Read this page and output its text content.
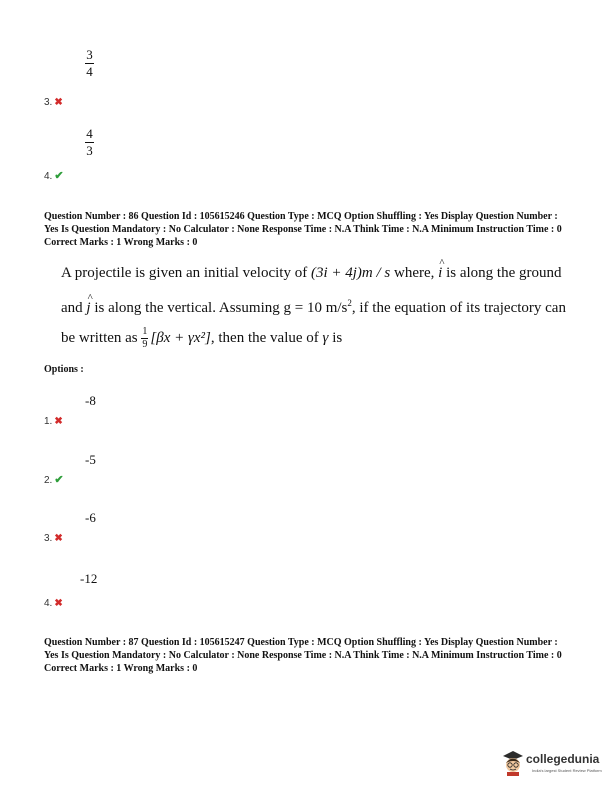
3
4
3. ✖
4
3
4. ✔
Question Number : 86 Question Id : 105615246 Question Type : MCQ Option Shuffling : Yes Display Question Number :
Yes Is Question Mandatory : No Calculator : None Response Time : N.A Think Time : N.A Minimum Instruction Time : 0
Correct Marks : 1 Wrong Marks : 0
A projectile is given an initial velocity of (3i + 4j)m / s where,
^
i is along the ground
and
^
j is along the vertical. Assuming g = 10 $m/s^2$, if the equation of its trajectory can
be written as $\frac{1}{9} [\beta x + \gamma x^2]$, then the value of γ is
Options :
-8
1. ✖
-5
2. ✔
-6
3. ✖
-12
4. ✖
Question Number : 87 Question Id : 105615247 Question Type : MCQ Option Shuffling : Yes Display Question Number :
Yes Is Question Mandatory : No Calculator : None Response Time : N.A Think Time : N.A Minimum Instruction Time : 0
Correct Marks : 1 Wrong Marks : 0
collegedunia
India's largest Student Review Platform
